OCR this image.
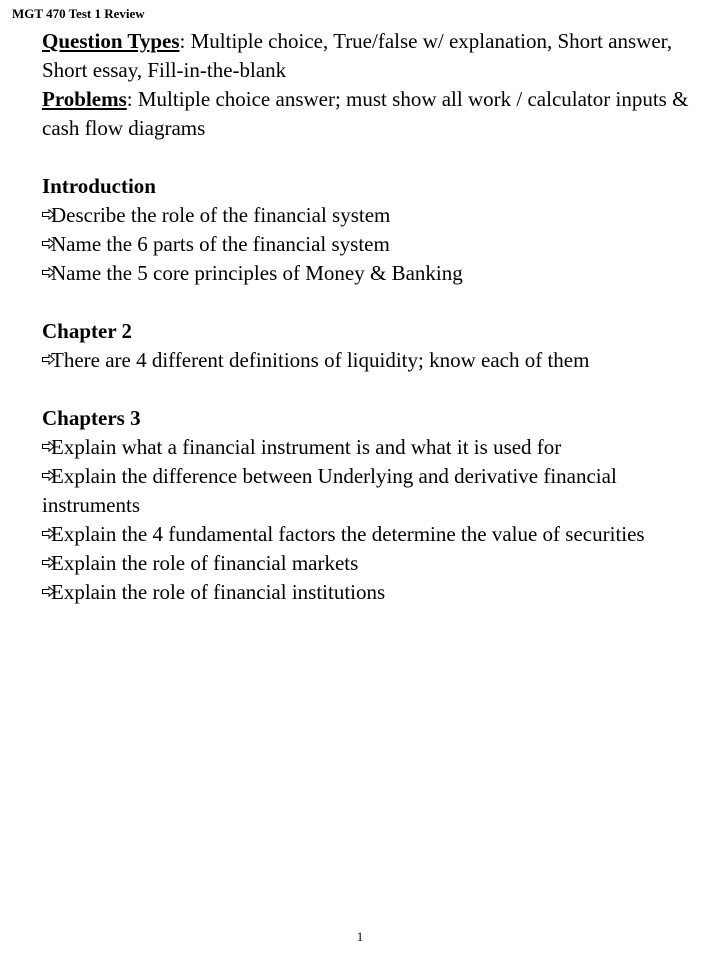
MGT 470 Test 1 Review

Question Types: Multiple choice, True/false w/ explanation, Short answer, Short essay, Fill-in-the-blank

Problems: Multiple choice answer; must show all work / calculator inputs & cash flow diagrams

Introduction

Describe the role of the financial system

Name the 6 parts of the financial system

Name the 5 core principles of Money & Banking

Chapter 2

There are 4 different definitions of liquidity; know each of them

Chapters 3

Explain what a financial instrument is and what it is used for

Explain the difference between Underlying and derivative financial instruments

Explain the 4 fundamental factors the determine the value of securities

Explain the role of financial markets

Explain the role of financial institutions

1
